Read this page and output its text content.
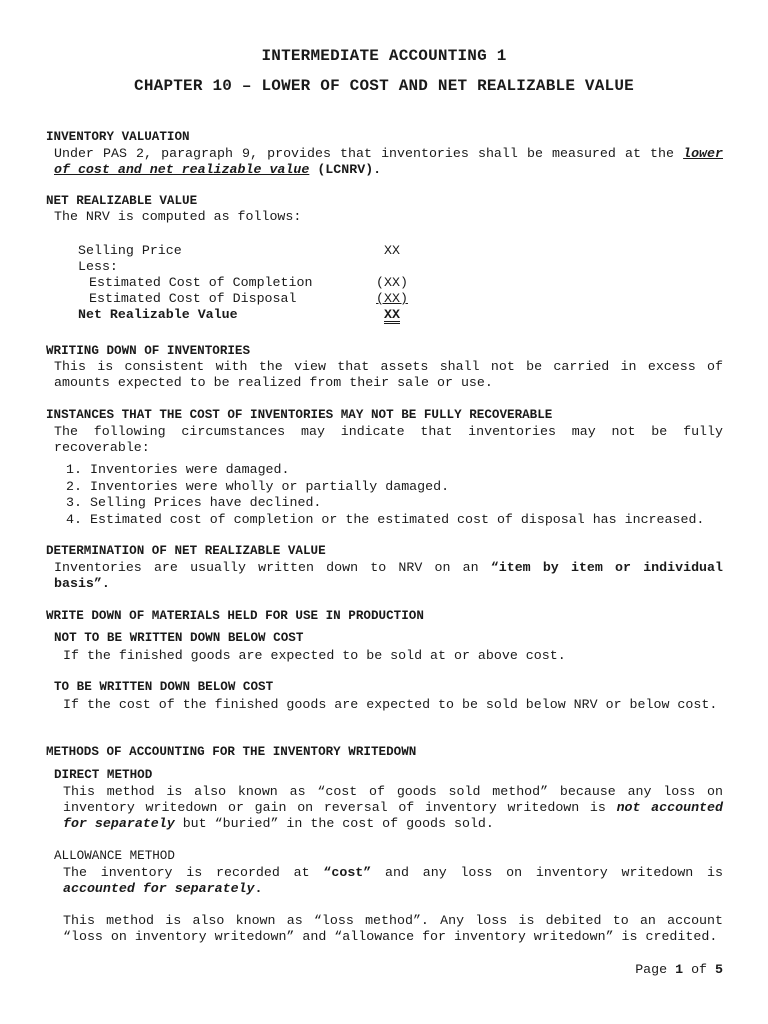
INTERMEDIATE ACCOUNTING 1
CHAPTER 10 – LOWER OF COST AND NET REALIZABLE VALUE
INVENTORY VALUATION
Under PAS 2, paragraph 9, provides that inventories shall be measured at the lower of cost and net realizable value (LCNRV).
NET REALIZABLE VALUE
The NRV is computed as follows:
Selling Price	XX
Less:
Estimated Cost of Completion	(XX)
Estimated Cost of Disposal	(XX)
Net Realizable Value	XX
WRITING DOWN OF INVENTORIES
This is consistent with the view that assets shall not be carried in excess of amounts expected to be realized from their sale or use.
INSTANCES THAT THE COST OF INVENTORIES MAY NOT BE FULLY RECOVERABLE
The following circumstances may indicate that inventories may not be fully recoverable:
1. Inventories were damaged.
2. Inventories were wholly or partially damaged.
3. Selling Prices have declined.
4. Estimated cost of completion or the estimated cost of disposal has increased.
DETERMINATION OF NET REALIZABLE VALUE
Inventories are usually written down to NRV on an “item by item or individual basis”.
WRITE DOWN OF MATERIALS HELD FOR USE IN PRODUCTION
NOT TO BE WRITTEN DOWN BELOW COST
If the finished goods are expected to be sold at or above cost.
TO BE WRITTEN DOWN BELOW COST
If the cost of the finished goods are expected to be sold below NRV or below cost.
METHODS OF ACCOUNTING FOR THE INVENTORY WRITEDOWN
DIRECT METHOD
This method is also known as “cost of goods sold method” because any loss on inventory writedown or gain on reversal of inventory writedown is not accounted for separately but “buried” in the cost of goods sold.
ALLOWANCE METHOD
The inventory is recorded at “cost” and any loss on inventory writedown is accounted for separately.
This method is also known as “loss method”. Any loss is debited to an account “loss on inventory writedown” and “allowance for inventory writedown” is credited.
Page 1 of 5
